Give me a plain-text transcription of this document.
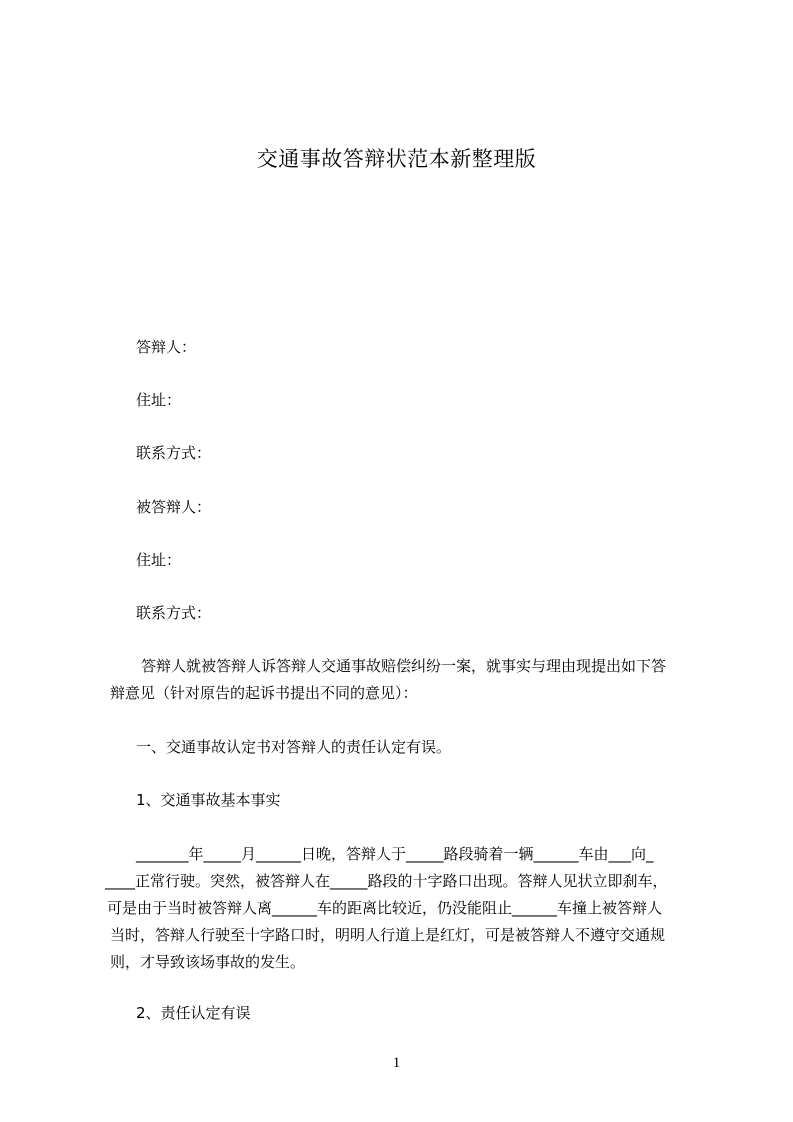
交通事故答辩状范本新整理版
答辩人：
住址：
联系方式：
被答辩人：
住址：
联系方式：
答辩人就被答辩人诉答辩人交通事故赔偿纠纷一案，就事实与理由现提出如下答
辩意见（针对原告的起诉书提出不同的意见）：
一、交通事故认定书对答辩人的责任认定有误。
1、交通事故基本事实
_______年_____月______日晚，答辩人于_____路段骑着一辆______车由___向_
____正常行驶。突然，被答辩人在_____路段的十字路口出现。答辩人见状立即刹车，
可是由于当时被答辩人离______车的距离比较近，仍没能阻止______车撞上被答辩人
当时，答辩人行驶至十字路口时，明明人行道上是红灯，可是被答辩人不遵守交通规
则，才导致该场事故的发生。
2、责任认定有误
1
